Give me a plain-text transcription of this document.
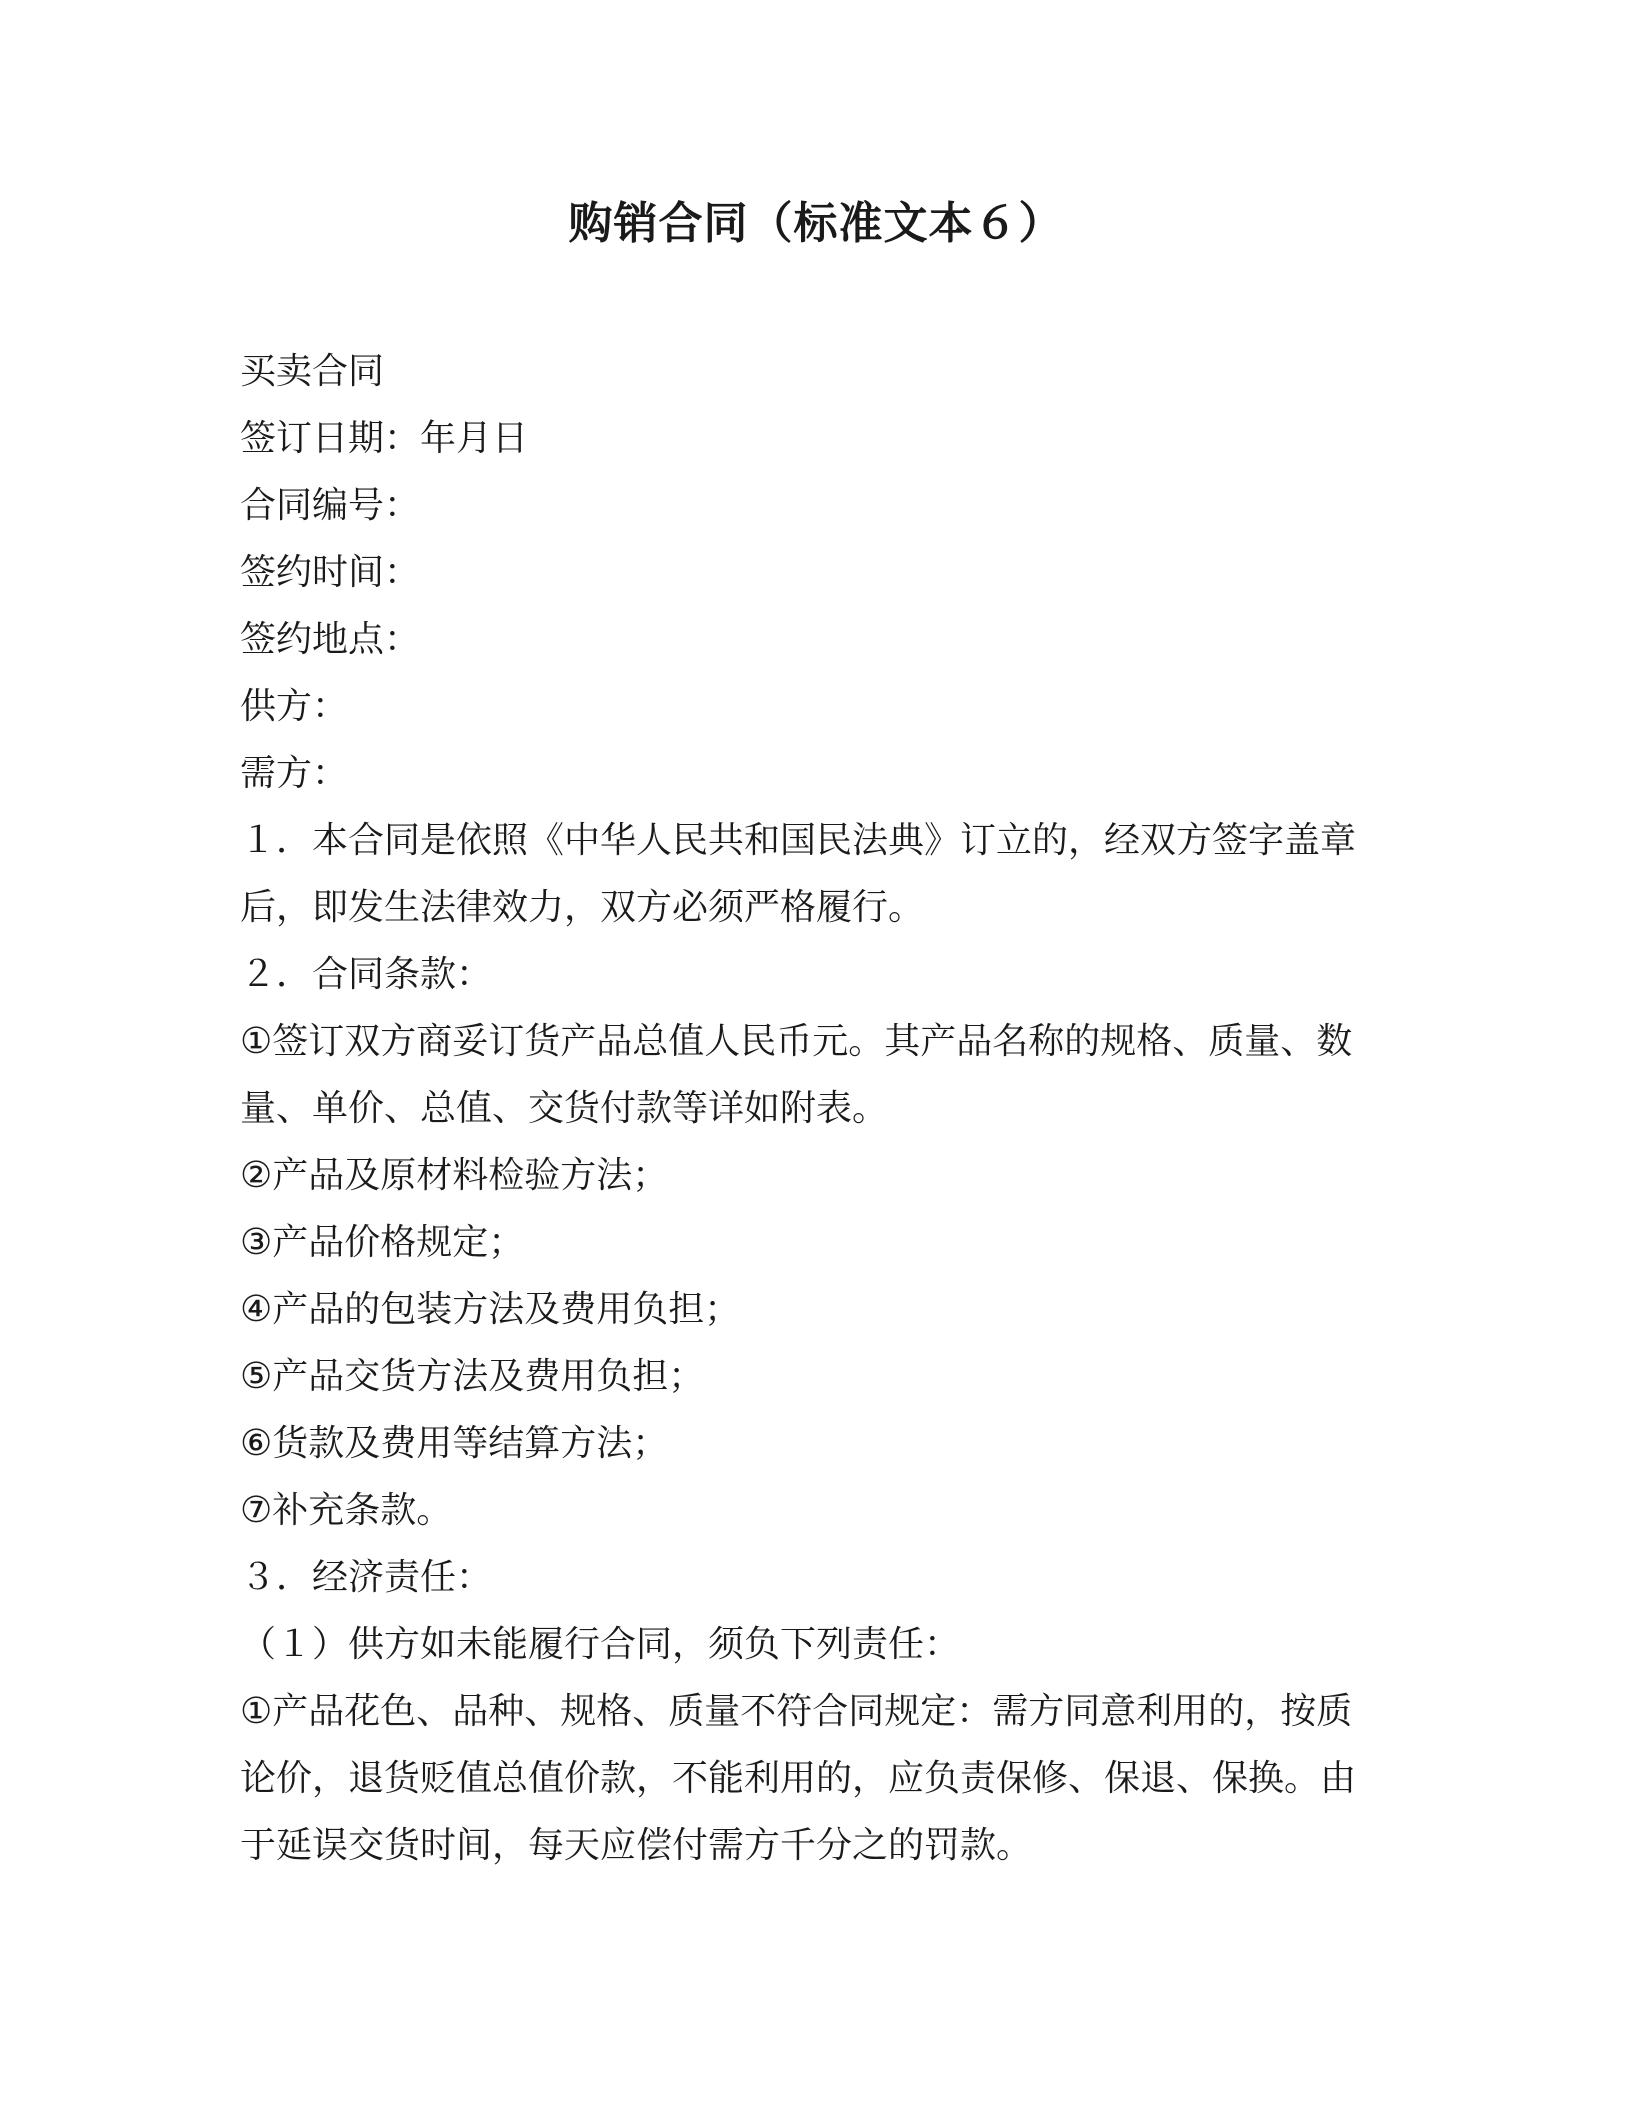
购销合同（标准文本６）

买卖合同

签订日期：年月日

合同编号：

签约时间：

签约地点：

供方：

需方：

１．本合同是依照《中华人民共和国民法典》订立的，经双方签字盖章

后，即发生法律效力，双方必须严格履行。

２．合同条款：

①签订双方商妥订货产品总值人民币元。其产品名称的规格、质量、数

量、单价、总值、交货付款等详如附表。

②产品及原材料检验方法；

③产品价格规定；

④产品的包装方法及费用负担；

⑤产品交货方法及费用负担；

⑥货款及费用等结算方法；

⑦补充条款。

３．经济责任：

（１）供方如未能履行合同，须负下列责任：

①产品花色、品种、规格、质量不符合同规定：需方同意利用的，按质

论价，退货贬值总值价款，不能利用的，应负责保修、保退、保换。由

于延误交货时间，每天应偿付需方千分之的罚款。
